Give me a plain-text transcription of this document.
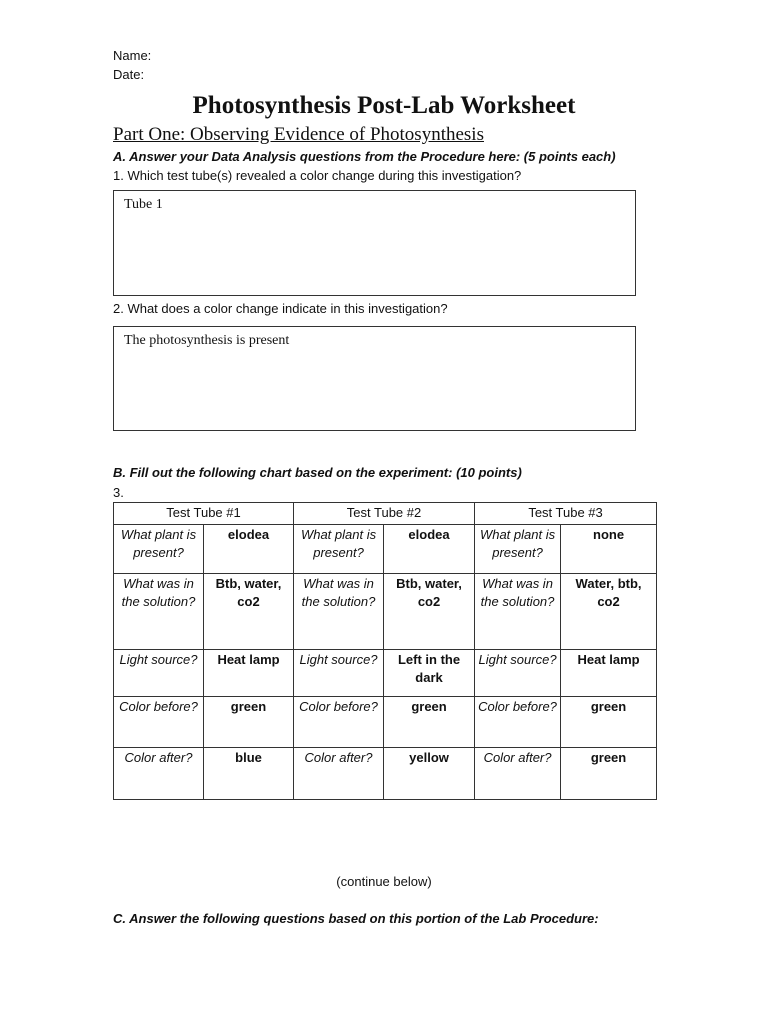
Name:
Date:
Photosynthesis Post-Lab Worksheet
Part One: Observing Evidence of Photosynthesis
A. Answer your Data Analysis questions from the Procedure here: (5 points each)
1. Which test tube(s) revealed a color change during this investigation?
Tube 1
2. What does a color change indicate in this investigation?
The photosynthesis is present
B. Fill out the following chart based on the experiment: (10 points)
3.
Test Tube #1		Test Tube #2		Test Tube #3	
What plant is present?	elodea	What plant is present?	elodea	What plant is present?	none
What was in the solution?	Btb, water, co2	What was in the solution?	Btb, water, co2	What was in the solution?	Water, btb, co2
Light source?	Heat lamp	Light source?	Left in the dark	Light source?	Heat lamp
Color before?	green	Color before?	green	Color before?	green
Color after?	blue	Color after?	yellow	Color after?	green
(continue below)
C. Answer the following questions based on this portion of the Lab Procedure:
